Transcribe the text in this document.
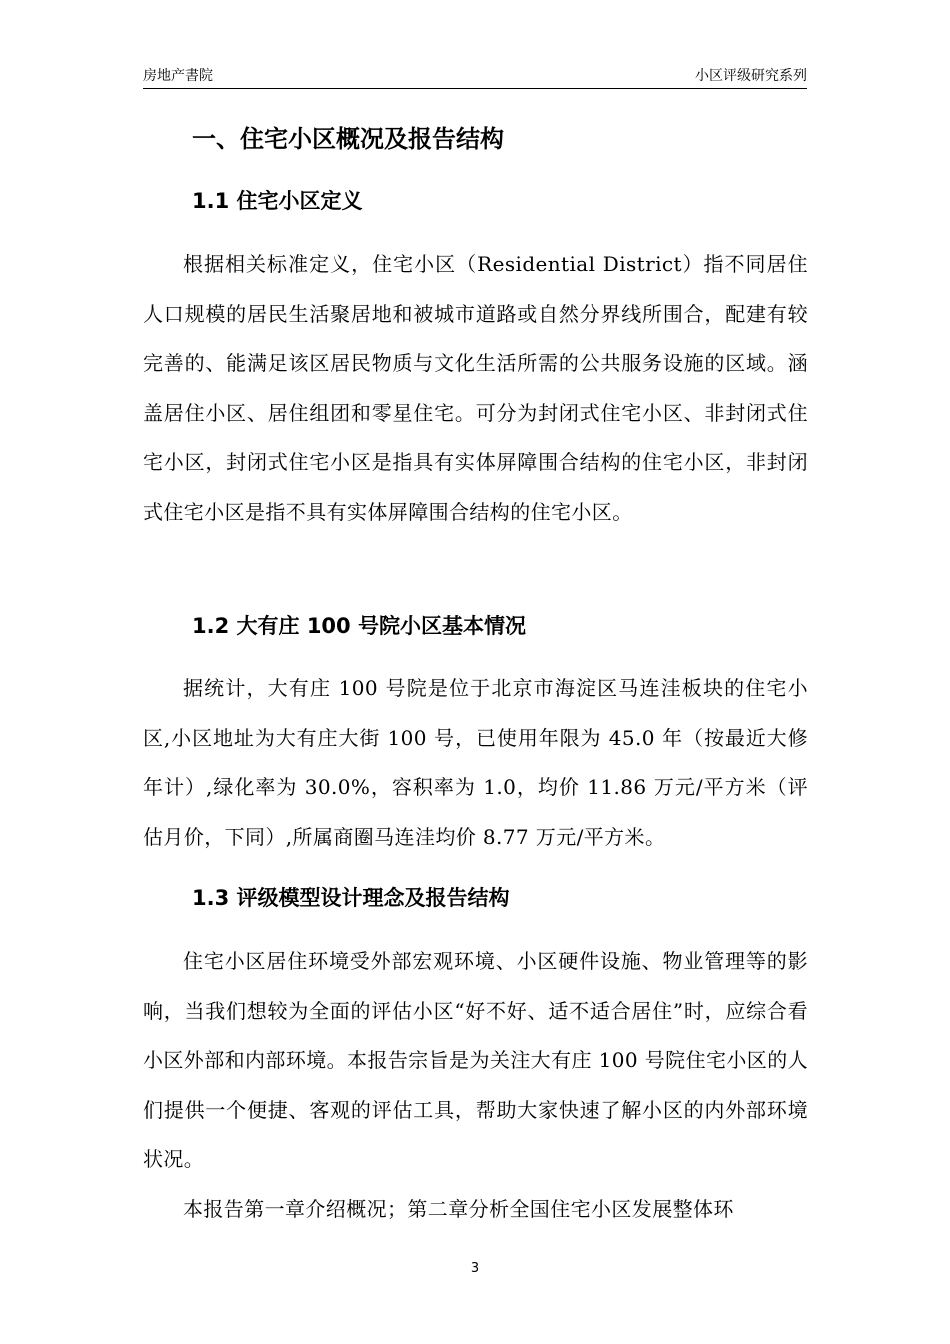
房地产書院	小区评级研究系列
一、住宅小区概况及报告结构
1.1 住宅小区定义

根据相关标准定义，住宅小区（Residential District）指不同居住人口规模的居民生活聚居地和被城市道路或自然分界线所围合，配建有较完善的、能满足该区居民物质与文化生活所需的公共服务设施的区域。涵盖居住小区、居住组团和零星住宅。可分为封闭式住宅小区、非封闭式住宅小区，封闭式住宅小区是指具有实体屏障围合结构的住宅小区，非封闭式住宅小区是指不具有实体屏障围合结构的住宅小区。

1.2 大有庄 100 号院小区基本情况

据统计，大有庄 100 号院是位于北京市海淀区马连洼板块的住宅小区,小区地址为大有庄大街 100 号，已使用年限为 45.0 年（按最近大修年计）,绿化率为 30.0%，容积率为 1.0，均价 11.86 万元/平方米（评估月价，下同）,所属商圈马连洼均价 8.77 万元/平方米。

1.3 评级模型设计理念及报告结构

住宅小区居住环境受外部宏观环境、小区硬件设施、物业管理等的影响，当我们想较为全面的评估小区“好不好、适不适合居住”时，应综合看小区外部和内部环境。本报告宗旨是为关注大有庄 100 号院住宅小区的人们提供一个便捷、客观的评估工具，帮助大家快速了解小区的内外部环境状况。

本报告第一章介绍概况；第二章分析全国住宅小区发展整体环

3
